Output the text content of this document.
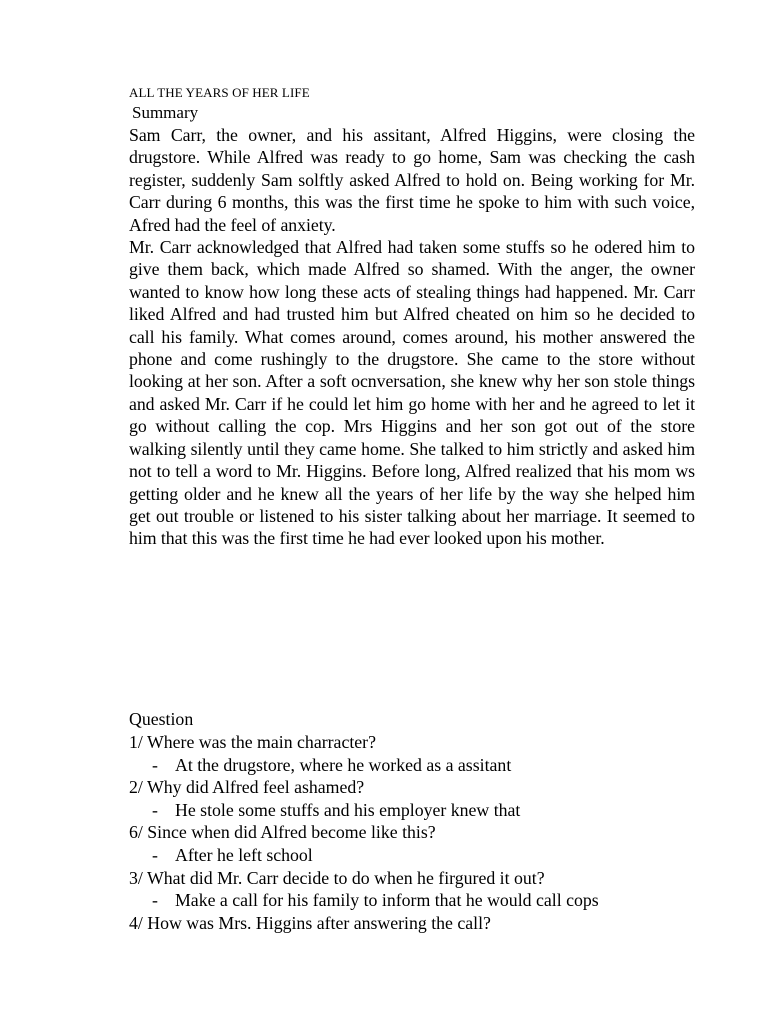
ALL THE YEARS OF HER LIFE

Summary

Sam Carr, the owner, and his assitant, Alfred Higgins, were closing the drugstore. While Alfred was ready to go home, Sam was checking the cash register, suddenly Sam solftly asked Alfred to hold on. Being working for Mr. Carr during 6 months, this was the first time he spoke to him with such voice, Afred had the feel of anxiety.

Mr. Carr acknowledged that Alfred had taken some stuffs so he odered him to give them back, which made Alfred so shamed. With the anger, the owner wanted to know how long these acts of stealing things had happened. Mr. Carr liked Alfred and had trusted him but Alfred cheated on him so he decided to call his family. What comes around, comes around, his mother answered the phone and come rushingly to the drugstore. She came to the store without looking at her son. After a soft ocnversation, she knew why her son stole things and asked Mr. Carr if he could let him go home with her and he agreed to let it go without calling the cop. Mrs Higgins and her son got out of the store walking silently until they came home. She talked to him strictly and asked him not to tell a word to Mr. Higgins. Before long, Alfred realized that his mom ws getting older and he knew all the years of her life by the way she helped him get out trouble or listened to his sister talking about her marriage. It seemed to him that this was the first time he had ever looked upon his mother.

Question

1/ Where was the main charracter?
- At the drugstore, where he worked as a assitant
2/ Why did Alfred feel ashamed?
- He stole some stuffs and his employer knew that
6/ Since when did Alfred become like this?
- After he left school
3/ What did Mr. Carr decide to do when he firgured it out?
- Make a call for his family to inform that he would call cops
4/ How was Mrs. Higgins after answering the call?
